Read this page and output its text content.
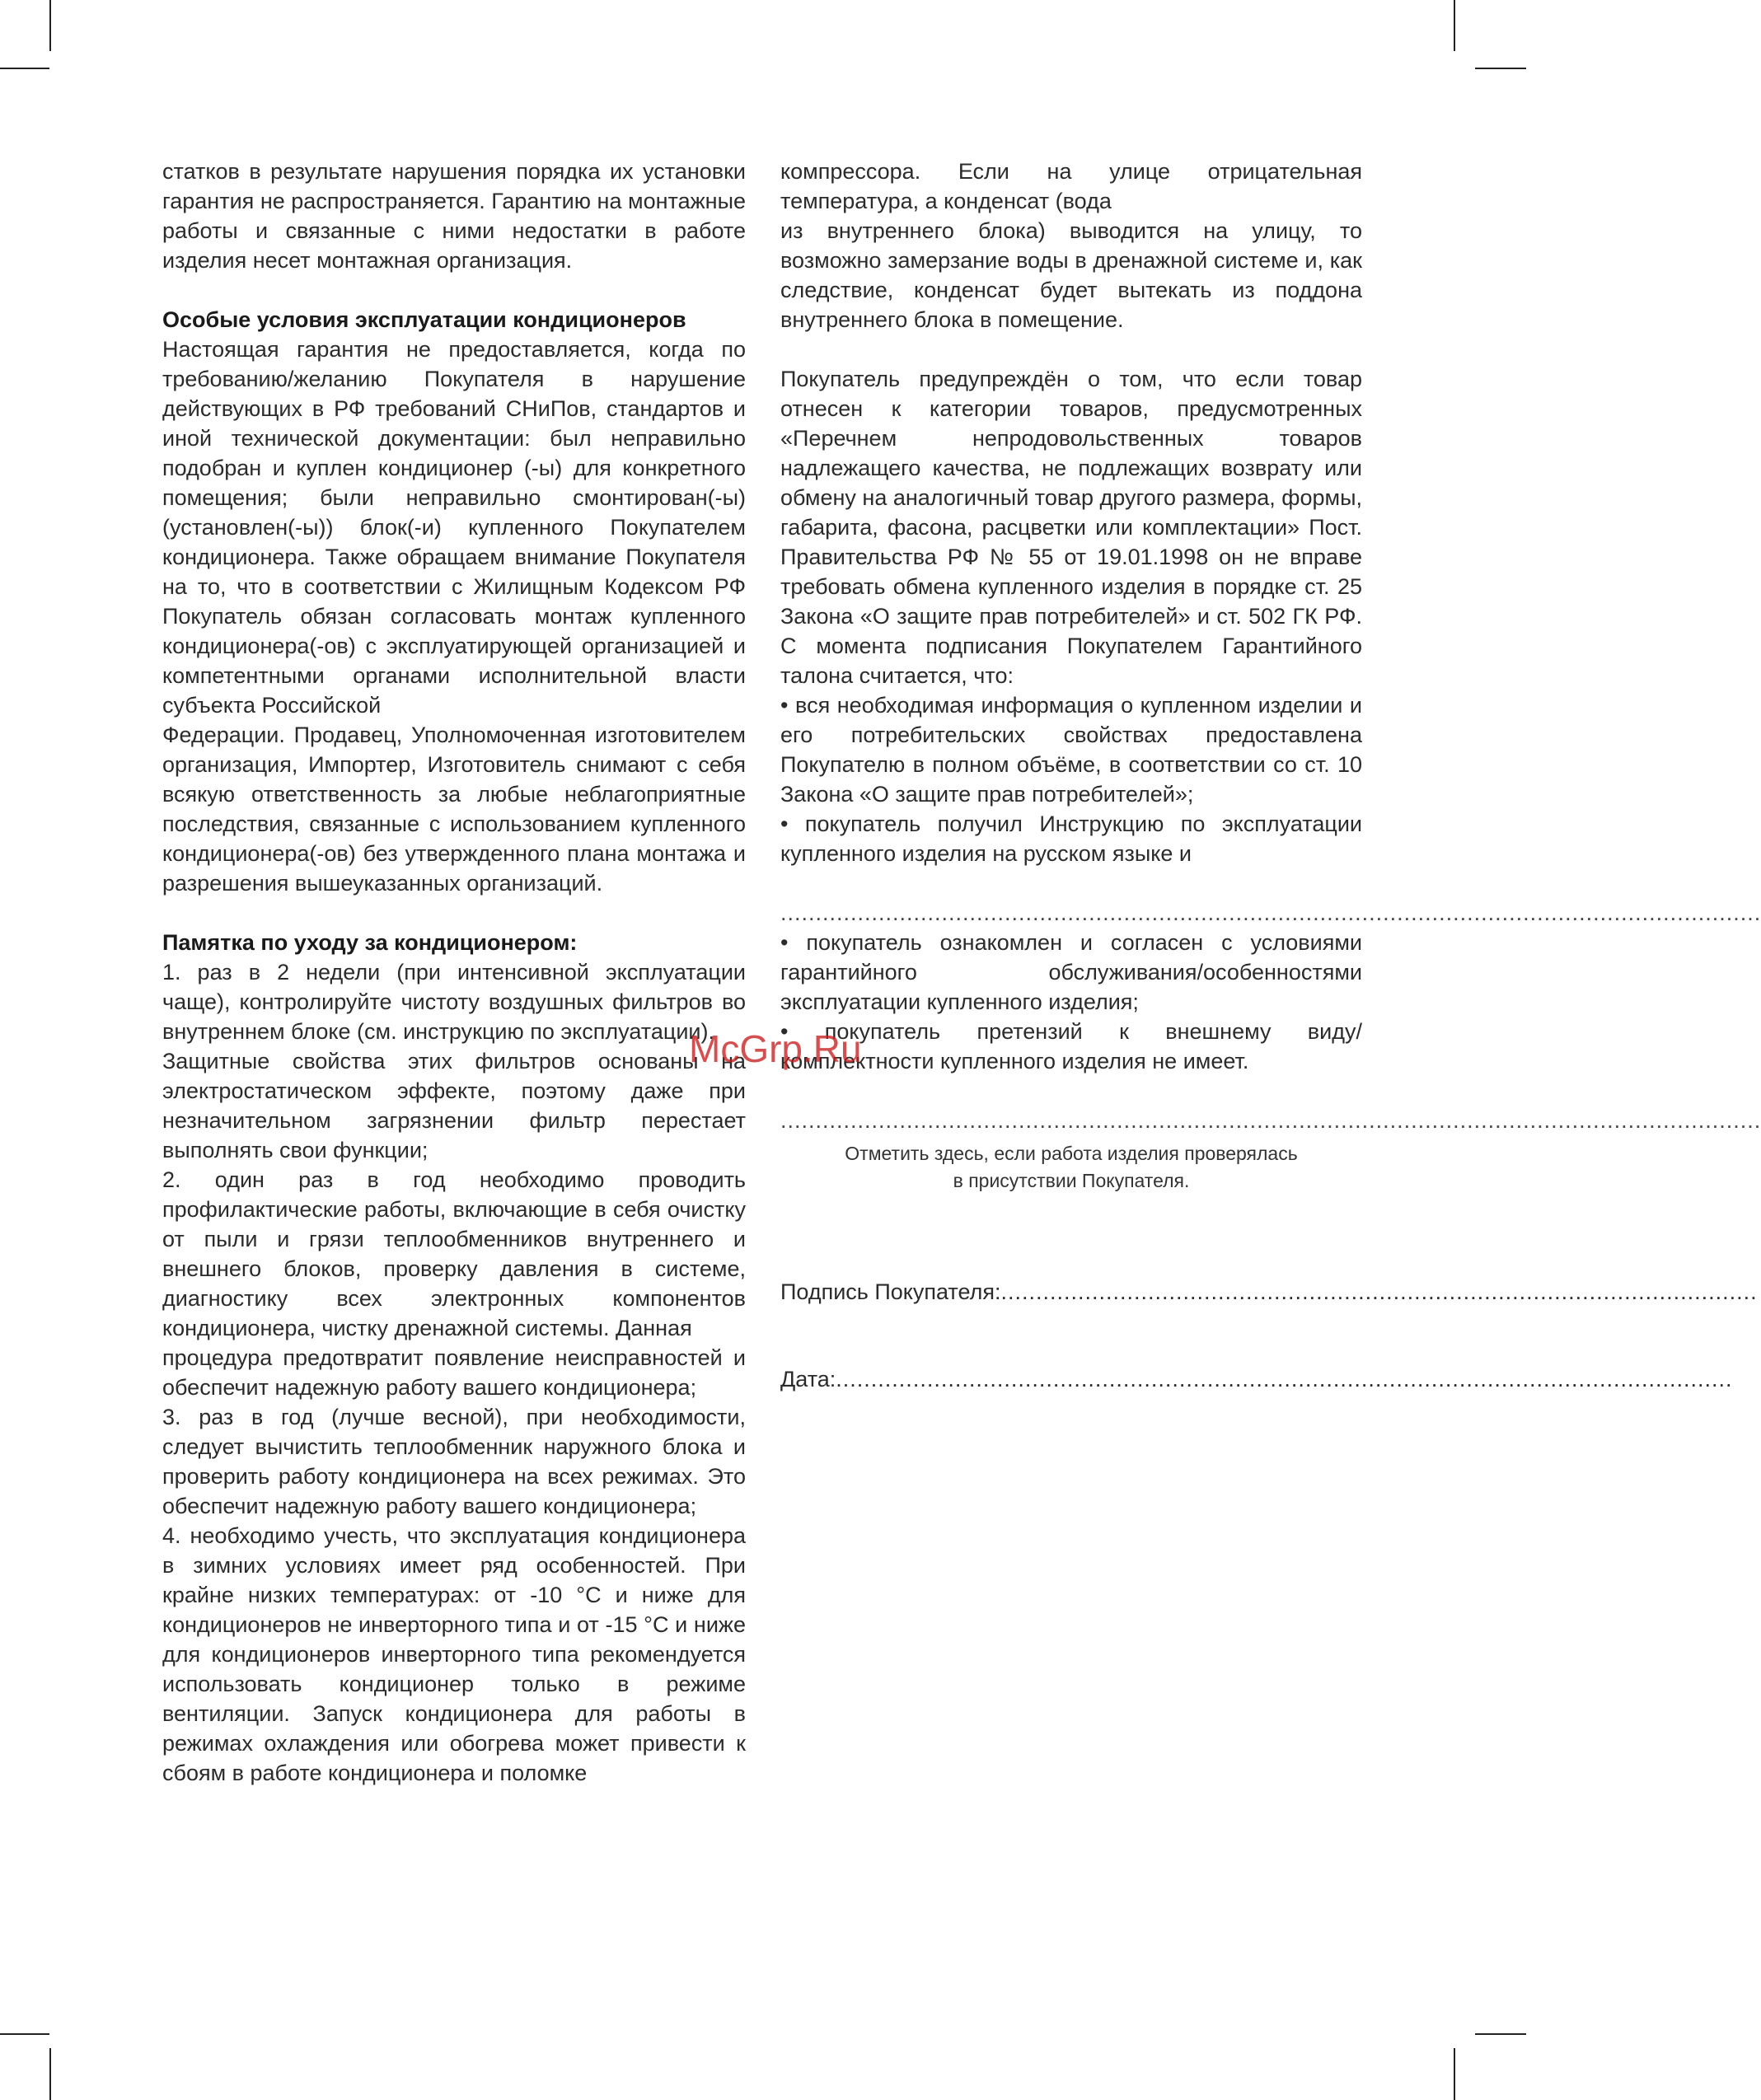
статков в результате нарушения порядка их установки гарантия не распространяется. Гарантию на монтажные работы и связанные с ними недостатки в работе изделия несет монтажная организация.

Особые условия эксплуатации кондиционеров

Настоящая гарантия не предоставляется, когда по требованию/желанию Покупателя в нарушение действующих в РФ требований СНиПов, стандартов и иной технической документации: был неправильно подобран и куплен кондиционер (-ы) для конкретного помещения; были неправильно смонтирован(-ы) (установлен(-ы)) блок(-и) купленного Покупателем кондиционера. Также обращаем внимание Покупателя на то, что в соответствии с Жилищным Кодексом РФ Покупатель обязан согласовать монтаж купленного кондиционера(-ов) с эксплуатирующей организацией и компетентными органами исполнительной власти субъекта Российской

Федерации. Продавец, Уполномоченная изготовителем организация, Импортер, Изготовитель снимают с себя всякую ответственность за любые неблагоприятные последствия, связанные с использованием купленного кондиционера(-ов) без утвержденного плана монтажа и разрешения вышеуказанных организаций.

Памятка по уходу за кондиционером:

1. раз в 2 недели (при интенсивной эксплуатации чаще), контролируйте чистоту воздушных фильтров во внутреннем блоке (см. инструкцию по эксплуатации).

Защитные свойства этих фильтров основаны на электростатическом эффекте, поэтому даже при незначительном загрязнении фильтр перестает выполнять свои функции;

2. один раз в год необходимо проводить профилактические работы, включающие в себя очистку от пыли и грязи теплообменников внутреннего и внешнего блоков, проверку давления в системе, диагностику всех электронных компонентов кондиционера, чистку дренажной системы. Данная

процедура предотвратит появление неисправностей и обеспечит надежную работу вашего кондиционера;

3. раз в год (лучше весной), при необходимости, следует вычистить теплообменник наружного блока и проверить работу кондиционера на всех режимах. Это обеспечит надежную работу вашего кондиционера;

4. необходимо учесть, что эксплуатация кондиционера в зимних условиях имеет ряд особенностей. При крайне низких температурах: от -10 °C и ниже для кондиционеров не инверторного типа и от -15 °C и ниже для кондиционеров инверторного типа рекомендуется использовать кондиционер только в режиме вентиляции. Запуск кондиционера для работы в режимах охлаждения или обогрева может привести к сбоям в работе кондиционера и поломке

компрессора. Если на улице отрицательная температура, а конденсат (вода

из внутреннего блока) выводится на улицу, то возможно замерзание воды в дренажной системе и, как следствие, конденсат будет вытекать из поддона внутреннего блока в помещение.

Покупатель предупреждён о том, что если товар отнесен к категории товаров, предусмотренных «Перечнем непродовольственных товаров надлежащего качества, не подлежащих возврату или обмену на аналогичный товар другого размера, формы, габарита, фасона, расцветки или комплектации» Пост. Правительства РФ № 55 от 19.01.1998 он не вправе требовать обмена купленного изделия в порядке ст. 25 Закона «О защите прав потребителей» и ст. 502 ГК РФ. С момента подписания Покупателем Гарантийного талона считается, что:

• вся необходимая информация о купленном изделии и его потребительских свойствах предоставлена Покупателю в полном объёме, в соответствии со ст. 10 Закона «О защите прав потребителей»;

• покупатель получил Инструкцию по эксплуатации купленного изделия на русском языке и

............................................................................................................................................

• покупатель ознакомлен и согласен с условиями гарантийного обслуживания/особенностями эксплуатации купленного изделия;

• покупатель претензий к внешнему виду/комплектности купленного изделия не имеет.

............................................................................................................................................
Отметить здесь, если работа изделия проверялась
в присутствии Покупателя.
Подпись Покупателя: ............................................................................................................
Дата: ................................................................................................................................
McGrp.Ru
